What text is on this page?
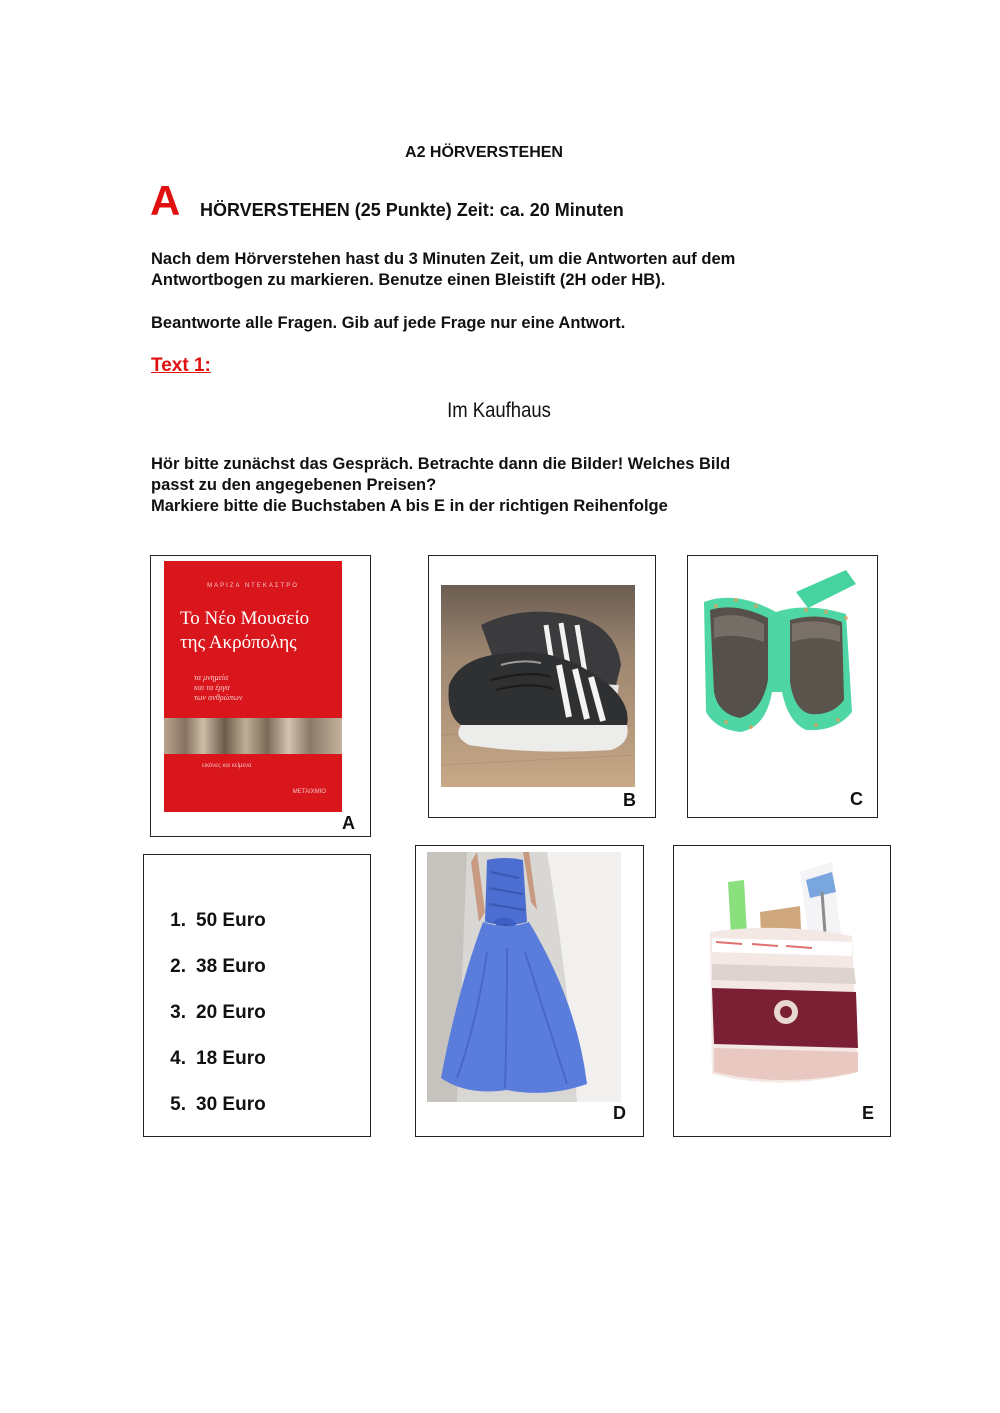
A2 HÖRVERSTEHEN
A HÖRVERSTEHEN (25 Punkte) Zeit: ca. 20 Minuten
Nach dem Hörverstehen hast du 3 Minuten Zeit, um die Antworten auf dem
Antwortbogen zu markieren. Benutze einen Bleistift (2H oder HB).
Beantworte alle Fragen. Gib auf jede Frage nur eine Antwort.
Text 1:
Im Kaufhaus
Hör bitte zunächst das Gespräch. Betrachte dann die Bilder! Welches Bild
passt zu den angegebenen Preisen?
Markiere bitte die Buchstaben A bis E in der richtigen Reihenfolge
ΜΑΡΙΖΑ ΝΤΕΚΑΣΤΡΟ
Το Νέο Μουσείο
της Ακρόπολης
τα μνημεία
και τα έργα
των ανθρώπων
εικόνες και κείμενα
ΜΕΤΑΙΧΜΙΟ
A
B	C
1. 50 Euro
2. 38 Euro
3. 20 Euro
4. 18 Euro
5. 30 Euro	D	E
